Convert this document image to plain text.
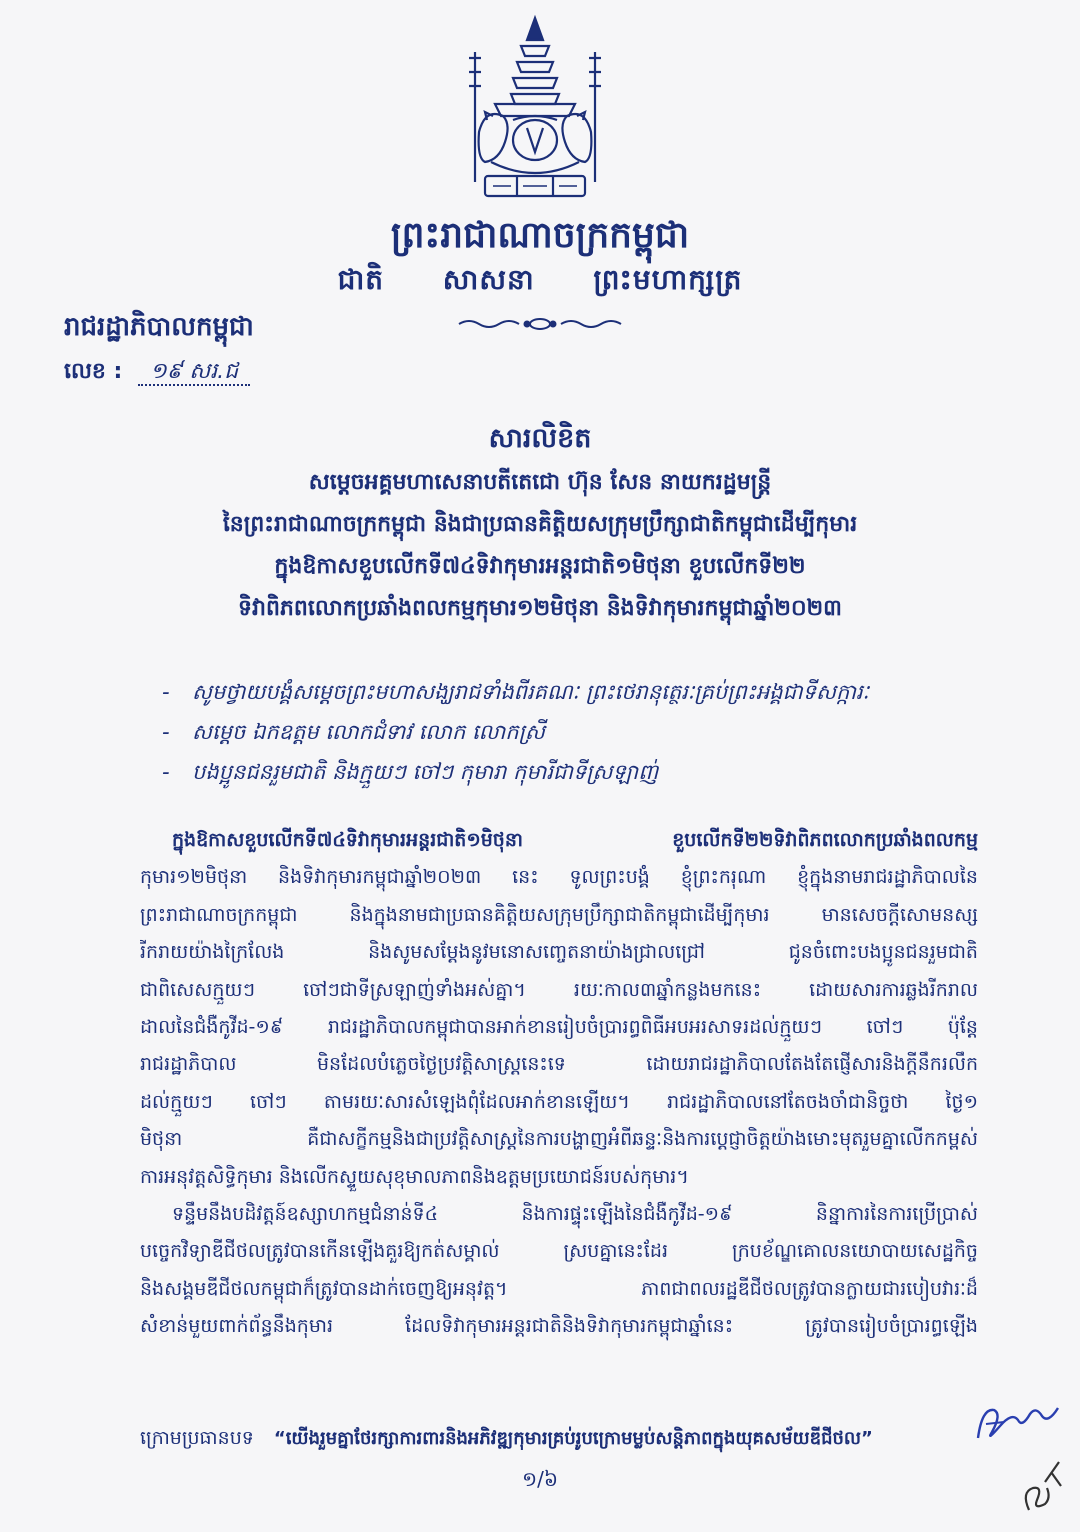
ព្រះរាជាណាចក្រកម្ពុជា
ជាតិ សាសនា ព្រះមហាក្សត្រ
រាជរដ្ឋាភិបាលកម្ពុជា
លេខ : ១៩ សរ.ជ
សារលិខិត
សម្ដេចអគ្គមហាសេនាបតីតេជោ ហ៊ុន សែន នាយករដ្ឋមន្ត្រី
នៃព្រះរាជាណាចក្រកម្ពុជា និងជាប្រធានគិត្តិយសក្រុមប្រឹក្សាជាតិកម្ពុជាដើម្បីកុមារ
ក្នុងឱកាសខួបលើកទី៧៤ទិវាកុមារអន្តរជាតិ១មិថុនា ខួបលើកទី២២
ទិវាពិភពលោកប្រឆាំងពលកម្មកុមារ១២មិថុនា និងទិវាកុមារកម្ពុជាឆ្នាំ២០២៣
- សូមថ្វាយបង្គំសម្ដេចព្រះមហាសង្ឃរាជទាំងពីរគណៈ ព្រះថេរានុត្ថេរៈគ្រប់ព្រះអង្គជាទីសក្ការៈ
- សម្ដេច ឯកឧត្តម លោកជំទាវ លោក លោកស្រី
- បងប្អូនជនរួមជាតិ និងក្មួយៗ ចៅៗ កុមារា កុមារីជាទីស្រឡាញ់
ក្នុងឱកាសខួបលើកទី៧៤ទិវាកុមារអន្តរជាតិ១មិថុនា ខួបលើកទី២២ទិវាពិភពលោកប្រឆាំងពលកម្ម
កុមារ១២មិថុនា និងទិវាកុមារកម្ពុជាឆ្នាំ២០២៣ នេះ ទូលព្រះបង្គំ ខ្ញុំព្រះករុណា ខ្ញុំក្នុងនាមរាជរដ្ឋាភិបាលនៃ
ព្រះរាជាណាចក្រកម្ពុជា និងក្នុងនាមជាប្រធានគិត្តិយសក្រុមប្រឹក្សាជាតិកម្ពុជាដើម្បីកុមារ មានសេចក្ដីសោមនស្ស
រីករាយយ៉ាងក្រៃលែង និងសូមសម្ដែងនូវមនោសញ្ចេតនាយ៉ាងជ្រាលជ្រៅ ជូនចំពោះបងប្អូនជនរួមជាតិ
ជាពិសេសក្មួយៗ ចៅៗជាទីស្រឡាញ់ទាំងអស់គ្នា។ រយៈកាល៣ឆ្នាំកន្លងមកនេះ ដោយសារការឆ្លងរីករាល
ដាលនៃជំងឺកូវីដ-១៩ រាជរដ្ឋាភិបាលកម្ពុជាបានអាក់ខានរៀបចំប្រារព្ធពិធីអបអរសាទរដល់ក្មួយៗ ចៅៗ ប៉ុន្តែ
រាជរដ្ឋាភិបាល មិនដែលបំភ្លេចថ្ងៃប្រវត្តិសាស្ត្រនេះទេ ដោយរាជរដ្ឋាភិបាលតែងតែផ្ញើសារនិងក្តីនឹករលឹក
ដល់ក្មួយៗ ចៅៗ តាមរយៈសារសំឡេងពុំដែលអាក់ខានឡើយ។ រាជរដ្ឋាភិបាលនៅតែចងចាំជានិច្ចថា ថ្ងៃ១
មិថុនា គឺជាសក្ខីកម្មនិងជាប្រវត្តិសាស្ត្រនៃការបង្ហាញអំពីឆន្ទៈនិងការប្ដេជ្ញាចិត្តយ៉ាងមោះមុតរួមគ្នាលើកកម្ពស់
ការអនុវត្តសិទ្ធិកុមារ និងលើកស្ទួយសុខុមាលភាពនិងឧត្តមប្រយោជន៍របស់កុមារ។
ទន្ទឹមនឹងបដិវត្តន៍ឧស្សាហកម្មជំនាន់ទី៤ និងការផ្ទុះឡើងនៃជំងឺកូវីដ-១៩ និន្នាការនៃការប្រើប្រាស់
បច្ចេកវិទ្យាឌីជីថលត្រូវបានកើនឡើងគួរឱ្យកត់សម្គាល់ ស្របគ្នានេះដែរ ក្របខ័ណ្ឌគោលនយោបាយសេដ្ឋកិច្ច
និងសង្គមឌីជីថលកម្ពុជាក៏ត្រូវបានដាក់ចេញឱ្យអនុវត្ត។ ភាពជាពលរដ្ឋឌីជីថលត្រូវបានក្លាយជារបៀបវារៈដ៏
សំខាន់មួយពាក់ព័ន្ធនឹងកុមារ ដែលទិវាកុមារអន្តរជាតិនិងទិវាកុមារកម្ពុជាឆ្នាំនេះ ត្រូវបានរៀបចំប្រារព្ធឡើង
ក្រោមប្រធានបទ “យើងរួមគ្នាថែរក្សាការពារនិងអភិវឌ្ឍកុមារគ្រប់រូបក្រោមម្លប់សន្តិភាពក្នុងយុគសម័យឌីជីថល”
១/៦
